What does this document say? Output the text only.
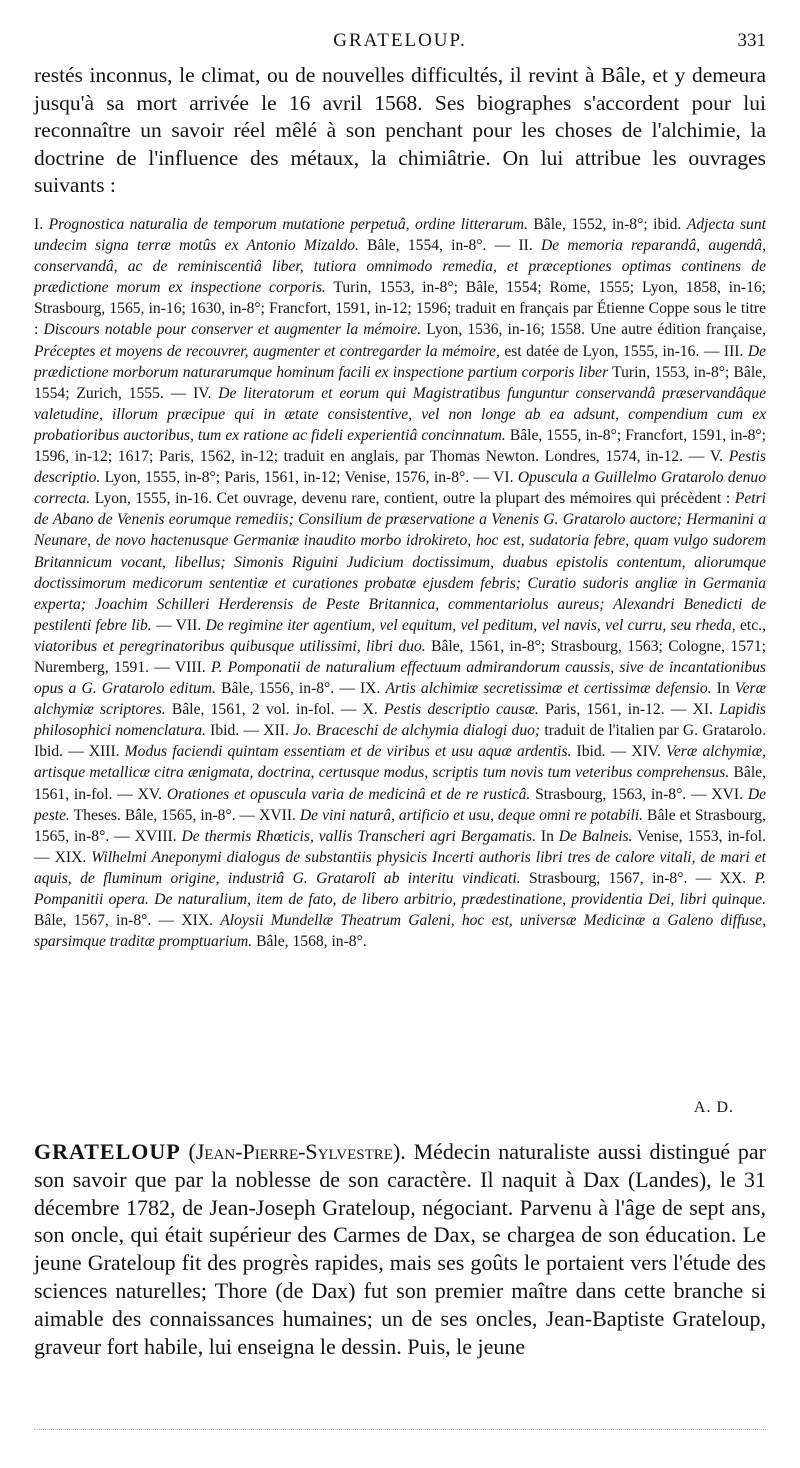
GRATELOUP.	331

restés inconnus, le climat, ou de nouvelles difficultés, il revint à Bâle, et y demeura jusqu'à sa mort arrivée le 16 avril 1568. Ses biographes s'accordent pour lui reconnaître un savoir réel mêlé à son penchant pour les choses de l'alchimie, la doctrine de l'influence des métaux, la chimiâtrie. On lui attribue les ouvrages suivants :

I. Prognostica naturalia de temporum mutatione perpetuâ, ordine litterarum. Bâle, 1552, in-8°; ibid. Adjecta sunt undecim signa terræ motûs ex Antonio Mizaldo. Bâle, 1554, in-8°. — II. De memoria reparandâ, augendâ, conservandâ, ac de reminiscentiâ liber, tutiora omnimodo remedia, et præceptiones optimas continens de prædictione morum ex inspectione corporis. Turin, 1553, in-8°; Bâle, 1554; Rome, 1555; Lyon, 1858, in-16; Strasbourg, 1565, in-16; 1630, in-8°; Francfort, 1591, in-12; 1596; traduit en français par Étienne Coppe sous le titre : Discours notable pour conserver et augmenter la mémoire. Lyon, 1536, in-16; 1558. Une autre édition française, Préceptes et moyens de recouvrer, augmenter et contregarder la mémoire, est datée de Lyon, 1555, in-16. — III. De prædictione morborum naturarumque hominum facili ex inspectione partium corporis liber Turin, 1553, in-8°; Bâle, 1554; Zurich, 1555. — IV. De literatorum et eorum qui Magistratibus funguntur conservandâ præservandâque valetudine, illorum præcipue qui in ætate consistentive, vel non longe ab ea adsunt, compendium cum ex probatioribus auctoribus, tum ex ratione ac fideli experientiâ concinnatum. Bâle, 1555, in-8°; Francfort, 1591, in-8°; 1596, in-12; 1617; Paris, 1562, in-12; traduit en anglais, par Thomas Newton. Londres, 1574, in-12. — V. Pestis descriptio. Lyon, 1555, in-8°; Paris, 1561, in-12; Venise, 1576, in-8°. — VI. Opuscula a Guillelmo Gratarolo denuo correcta. Lyon, 1555, in-16. Cet ouvrage, devenu rare, contient, outre la plupart des mémoires qui précèdent : Petri de Abano de Venenis eorumque remediis; Consilium de præservatione a Venenis G. Gratarolo auctore; Hermanini a Neunare, de novo hactenusque Germaniæ inaudito morbo idrokireto, hoc est, sudatoria febre, quam vulgo sudorem Britannicum vocant, libellus; Simonis Riguini Judicium doctissimum, duabus epistolis contentum, aliorumque doctissimorum medicorum sententiæ et curationes probatæ ejusdem febris; Curatio sudoris angliæ in Germania experta; Joachim Schilleri Herderensis de Peste Britannica, commentariolus aureus; Alexandri Benedicti de pestilenti febre lib. — VII. De regimine iter agentium, vel equitum, vel peditum, vel navis, vel curru, seu rheda, etc., viatoribus et peregrinatoribus quibusque utilissimi, libri duo. Bâle, 1561, in-8°; Strasbourg, 1563; Cologne, 1571; Nuremberg, 1591. — VIII. P. Pomponatii de naturalium effectuum admirandorum caussis, sive de incantationibus opus a G. Gratarolo editum. Bâle, 1556, in-8°. — IX. Artis alchimiæ secretissimæ et certissimæ defensio. In Veræ alchymiæ scriptores. Bâle, 1561, 2 vol. in-fol. — X. Pestis descriptio causæ. Paris, 1561, in-12. — XI. Lapidis philosophici nomenclatura. Ibid. — XII. Jo. Braceschi de alchymia dialogi duo; traduit de l'italien par G. Gratarolo. Ibid. — XIII. Modus faciendi quintam essentiam et de viribus et usu aquæ ardentis. Ibid. — XIV. Veræ alchymiæ, artisque metallicæ citra ænigmata, doctrina, certusque modus, scriptis tum novis tum veteribus comprehensus. Bâle, 1561, in-fol. — XV. Orationes et opuscula varia de medicinâ et de re rusticâ. Strasbourg, 1563, in-8°. — XVI. De peste. Theses. Bâle, 1565, in-8°. — XVII. De vini naturâ, artificio et usu, deque omni re potabili. Bâle et Strasbourg, 1565, in-8°. — XVIII. De thermis Rhœticis, vallis Transcheri agri Bergamatis. In De Balneis. Venise, 1553, in-fol. — XIX. Wilhelmi Aneponymi dialogus de substantiis physicis Incerti authoris libri tres de calore vitali, de mari et aquis, de fluminum origine, industriâ G. Gratarolî ab interitu vindicati. Strasbourg, 1567, in-8°. — XX. P. Pompanitii opera. De naturalium, item de fato, de libero arbitrio, prædestinatione, providentia Dei, libri quinque. Bâle, 1567, in-8°. — XIX. Aloysii Mundellæ Theatrum Galeni, hoc est, universæ Medicinæ a Galeno diffuse, sparsimque traditæ promptuarium. Bâle, 1568, in-8°.

A. D.

GRATELOUP (Jean-Pierre-Sylvestre). Médecin naturaliste aussi distingué par son savoir que par la noblesse de son caractère. Il naquit à Dax (Landes), le 31 décembre 1782, de Jean-Joseph Grateloup, négociant. Parvenu à l'âge de sept ans, son oncle, qui était supérieur des Carmes de Dax, se chargea de son éducation. Le jeune Grateloup fit des progrès rapides, mais ses goûts le portaient vers l'étude des sciences naturelles; Thore (de Dax) fut son premier maître dans cette branche si aimable des connaissances humaines; un de ses oncles, Jean-Baptiste Grateloup, graveur fort habile, lui enseigna le dessin. Puis, le jeune
